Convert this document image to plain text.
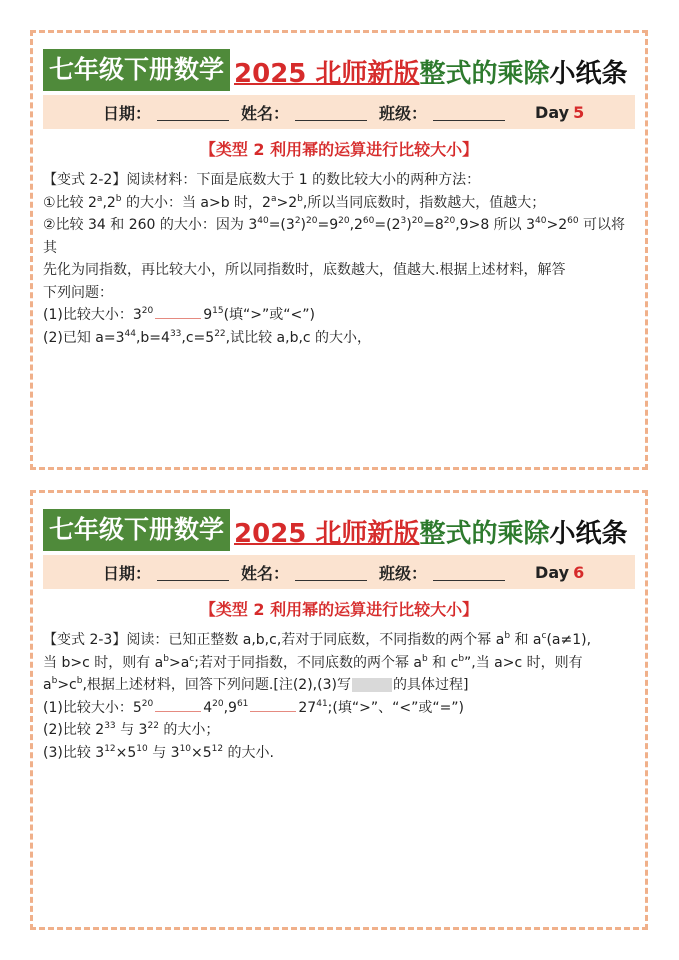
七年级下册数学 2025 北师新版 整式的乘除 小纸条
日期：	姓名：	班级：	Day 5
【类型 2 利用幂的运算进行比较大小】

【变式 2-2】阅读材料：下面是底数大于 1 的数比较大小的两种方法：

①比较 2$^a$,2$^b$ 的大小：当 a>b 时，$2^a>2^b$,所以当同底数时，指数越大，值越大；

②比较 34 和 260 的大小：因为 $3^{40}=(3^2)^{20}=9^{20},2^{60}=(2^3)^{20}=8^{20},9>8$ 所以 $3^{40}>2^{60}$ 可以将其

先化为同指数，再比较大小，所以同指数时，底数越大，值越大.根据上述材料，解答

下列问题：

(1)比较大小：$3^{20}$	$9^{15}$(填“>”或“<”)

(2)已知 $a=3^{44},b=4^{33},c=5^{22}$,试比较 a,b,c 的大小，

七年级下册数学 2025 北师新版 整式的乘除 小纸条
日期：	姓名：	班级：	Day 6
【类型 2 利用幂的运算进行比较大小】

【变式 2-3】阅读：已知正整数 a,b,c,若对于同底数，不同指数的两个幂 $a^b$ 和 $a^c(a\ne 1)$,

当 b>c 时，则有 $a^b>a^c$;若对于同指数，不同底数的两个幂 $a^b$ 和 $c^b$”,当 a>c 时，则有

$a^b>c^b$,根据上述材料，回答下列问题.[注(2),(3)写	的具体过程]

(1)比较大小：$5^{20}$	$4^{20},9^{61}$	$27^{41}$;(填“>”、“<”或“=”)

(2)比较 $2^{33}$ 与 $3^{22}$ 的大小；

(3)比较 $3^{12}\times 5^{10}$ 与 $3^{10}\times 5^{12}$ 的大小.
